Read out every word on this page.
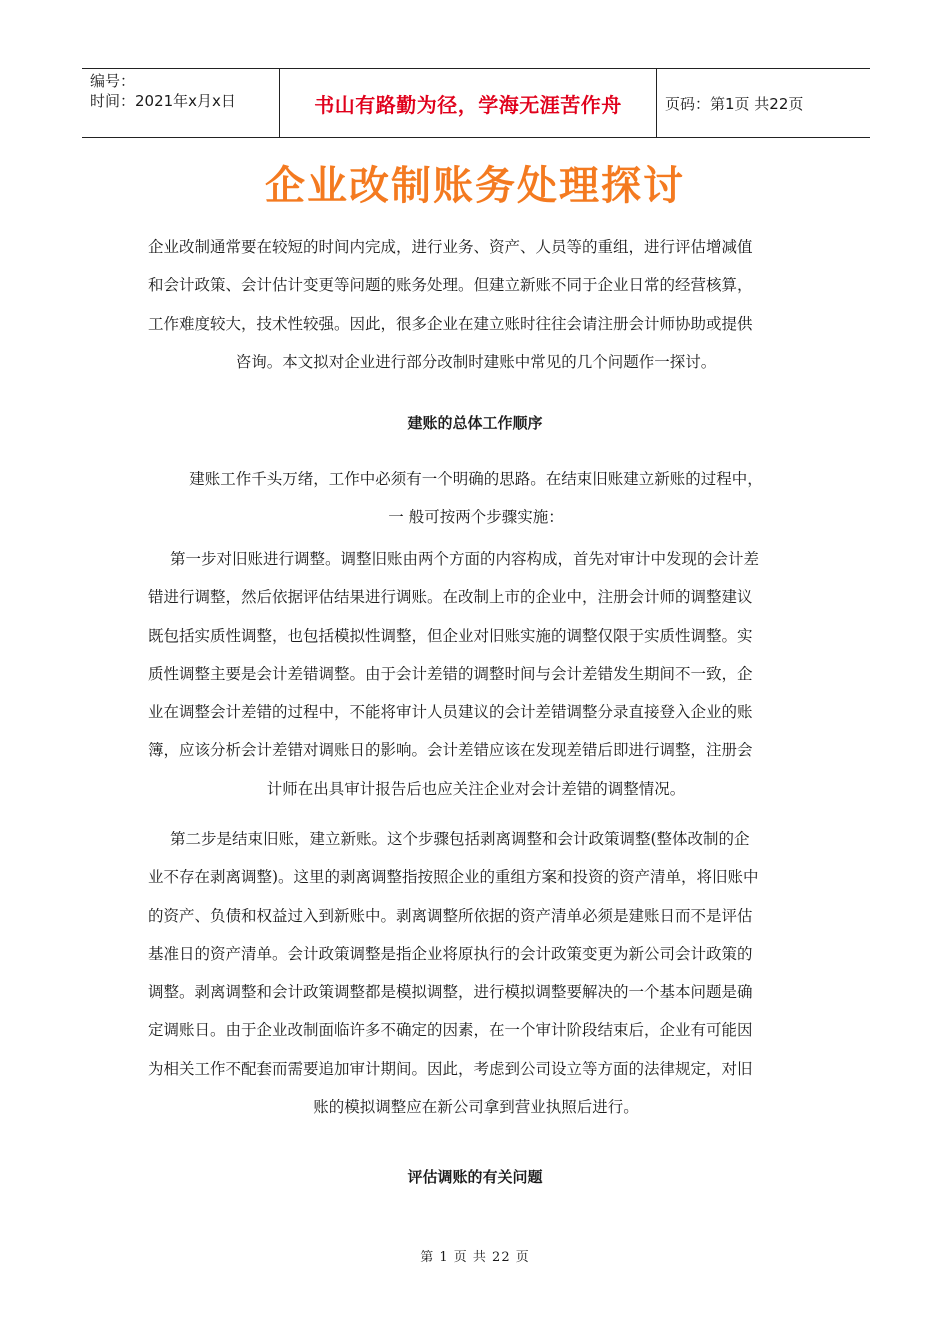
编号：
时间：2021年x月x日	书山有路勤为径，学海无涯苦作舟	页码：第1页 共22页
企业改制账务处理探讨

企业改制通常要在较短的时间内完成，进行业务、资产、人员等的重组，进行评估增减值

和会计政策、会计估计变更等问题的账务处理。但建立新账不同于企业日常的经营核算，

工作难度较大，技术性较强。因此，很多企业在建立账时往往会请注册会计师协助或提供

咨询。本文拟对企业进行部分改制时建账中常见的几个问题作一探讨。

建账的总体工作顺序

建账工作千头万绪，工作中必须有一个明确的思路。在结束旧账建立新账的过程中，

一 般可按两个步骤实施：

第一步对旧账进行调整。调整旧账由两个方面的内容构成，首先对审计中发现的会计差

错进行调整，然后依据评估结果进行调账。在改制上市的企业中，注册会计师的调整建议

既包括实质性调整，也包括模拟性调整，但企业对旧账实施的调整仅限于实质性调整。实

质性调整主要是会计差错调整。由于会计差错的调整时间与会计差错发生期间不一致，企

业在调整会计差错的过程中，不能将审计人员建议的会计差错调整分录直接登入企业的账

簿，应该分析会计差错对调账日的影响。会计差错应该在发现差错后即进行调整，注册会

计师在出具审计报告后也应关注企业对会计差错的调整情况。

第二步是结束旧账，建立新账。这个步骤包括剥离调整和会计政策调整(整体改制的企

业不存在剥离调整)。这里的剥离调整指按照企业的重组方案和投资的资产清单，将旧账中

的资产、负债和权益过入到新账中。剥离调整所依据的资产清单必须是建账日而不是评估

基准日的资产清单。会计政策调整是指企业将原执行的会计政策变更为新公司会计政策的

调整。剥离调整和会计政策调整都是模拟调整，进行模拟调整要解决的一个基本问题是确

定调账日。由于企业改制面临许多不确定的因素，在一个审计阶段结束后，企业有可能因

为相关工作不配套而需要追加审计期间。因此，考虑到公司设立等方面的法律规定，对旧

账的模拟调整应在新公司拿到营业执照后进行。

评估调账的有关问题
第 1 页 共 22 页
